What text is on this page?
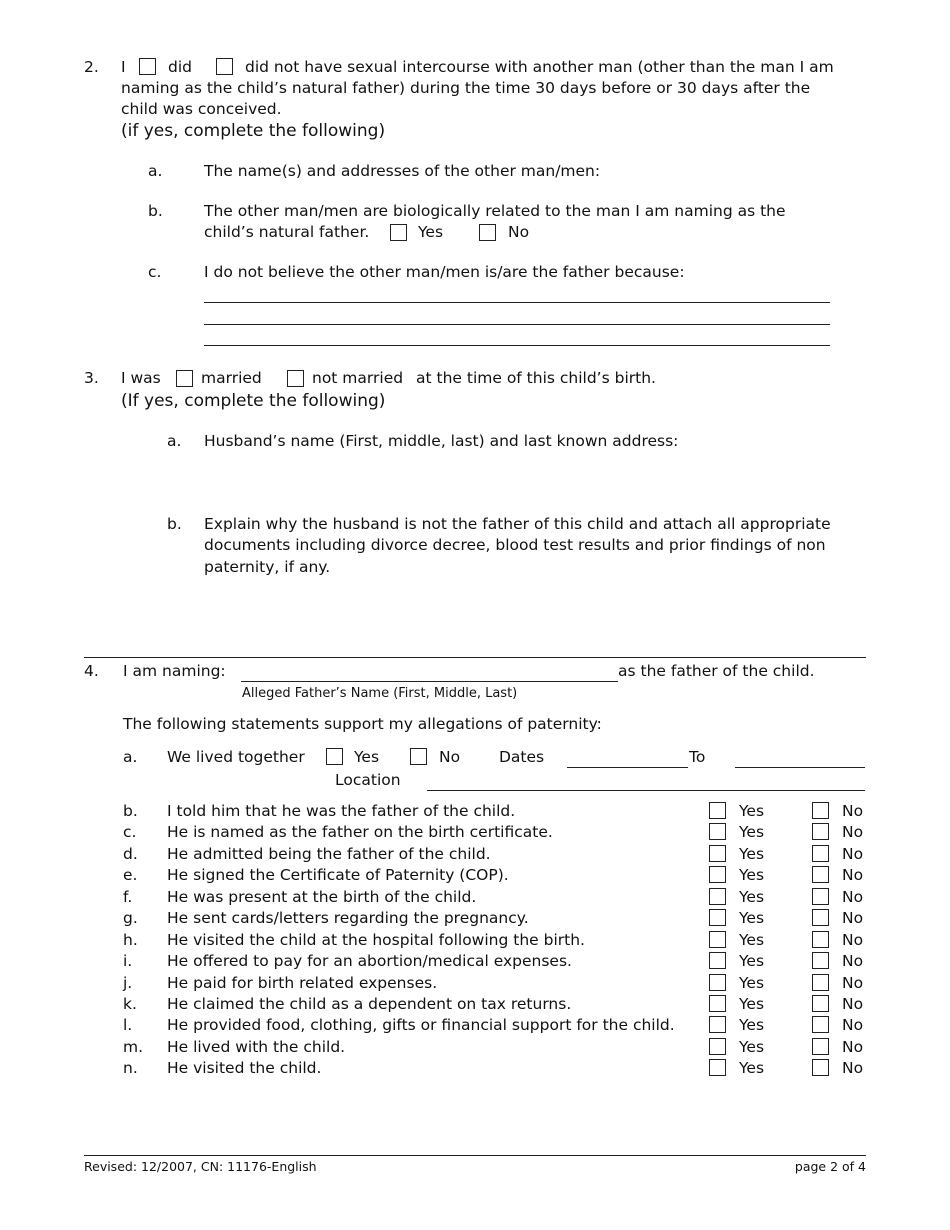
2. I	did	did not have sexual intercourse with another man (other than the man I am
naming as the child’s natural father) during the time 30 days before or 30 days after the
child was conceived.
(if yes, complete the following)
a.	The name(s) and addresses of the other man/men:
b.	The other man/men are biologically related to the man I am naming as the
child’s natural father.	Yes	No
c.	I do not believe the other man/men is/are the father because:
3. I was	married	not married at the time of this child’s birth.
(If yes, complete the following)
a. Husband’s name (First, middle, last) and last known address:
b. Explain why the husband is not the father of this child and attach all appropriate
documents including divorce decree, blood test results and prior findings of non
paternity, if any.
4. I am naming:	as the father of the child.
Alleged Father’s Name (First, Middle, Last)
The following statements support my allegations of paternity:
a. We lived together	Yes	No	Dates	To
Location
b. I told him that he was the father of the child.	Yes	No
c. He is named as the father on the birth certificate.	Yes	No
d. He admitted being the father of the child.	Yes	No
e. He signed the Certificate of Paternity (COP).	Yes	No
f. He was present at the birth of the child.	Yes	No
g. He sent cards/letters regarding the pregnancy.	Yes	No
h. He visited the child at the hospital following the birth.	Yes	No
i. He offered to pay for an abortion/medical expenses.	Yes	No
j. He paid for birth related expenses.	Yes	No
k. He claimed the child as a dependent on tax returns.	Yes	No
l. He provided food, clothing, gifts or financial support for the child.	Yes	No
m. He lived with the child.	Yes	No
n. He visited the child.	Yes	No
Revised: 12/2007, CN: 11176-English	page 2 of 4
